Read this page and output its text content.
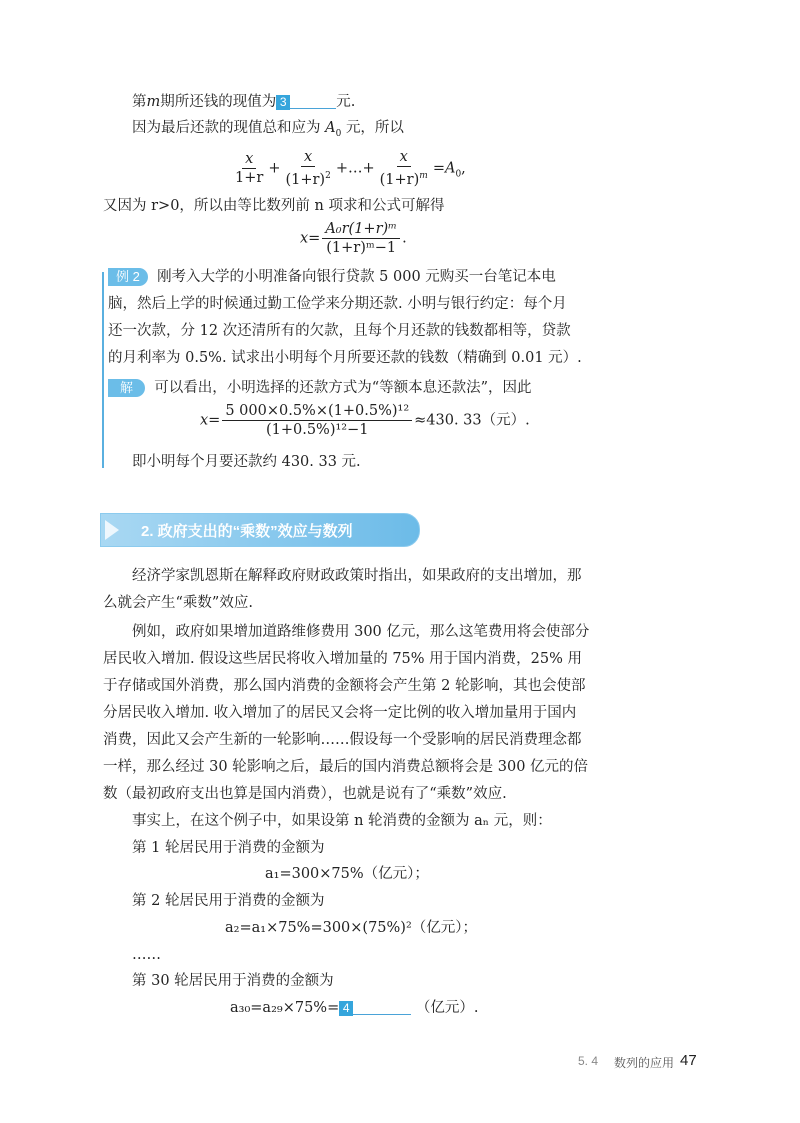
第m期所还钱的现值为 3	元.
因为最后还款的现值总和应为 $A_0$ 元，所以
$\frac{x}{1+r} + \frac{x}{(1+r)^2}$ +…+ $\frac{x}{(1+r)^m} =A_0$,
又因为 r>0，所以由等比数列前 n 项求和公式可解得
$x= \frac{\text{A₀r(1+r)ᵐ}}{\text{(1+r)ᵐ−1}}$ .
例 2 刚考入大学的小明准备向银行贷款 5 000 元购买一台笔记本电
脑，然后上学的时候通过勤工俭学来分期还款. 小明与银行约定：每个月
还一次款，分 12 次还清所有的欠款，且每个月还款的钱数都相等，贷款
的月利率为 0.5%. 试求出小明每个月所要还款的钱数（精确到 0.01 元）.
解 可以看出，小明选择的还款方式为“等额本息还款法”，因此
$x= \frac{\text{5 000×0.5\%×(1+0.5\%)¹²}}{\text{(1+0.5\%)¹²−1}} \approx 430$. 33（元）.
即小明每个月要还款约 430. 33 元.
2. 政府支出的“乘数”效应与数列
经济学家凯恩斯在解释政府财政政策时指出，如果政府的支出增加，那
么就会产生“乘数”效应.
例如，政府如果增加道路维修费用 300 亿元，那么这笔费用将会使部分
居民收入增加. 假设这些居民将收入增加量的 75% 用于国内消费，25% 用
于存储或国外消费，那么国内消费的金额将会产生第 2 轮影响，其也会使部
分居民收入增加. 收入增加了的居民又会将一定比例的收入增加量用于国内
消费，因此又会产生新的一轮影响……假设每一个受影响的居民消费理念都
一样，那么经过 30 轮影响之后，最后的国内消费总额将会是 300 亿元的倍
数（最初政府支出也算是国内消费），也就是说有了“乘数”效应.
事实上，在这个例子中，如果设第 n 轮消费的金额为 aₙ 元，则：
第 1 轮居民用于消费的金额为
a₁=300×75%（亿元）；
第 2 轮居民用于消费的金额为
a₂=a₁×75%=300×(75%)²（亿元）；
……
第 30 轮居民用于消费的金额为
a₃₀=a₂₉×75%= 4	（亿元）.
5. 4 数列的应用 47
